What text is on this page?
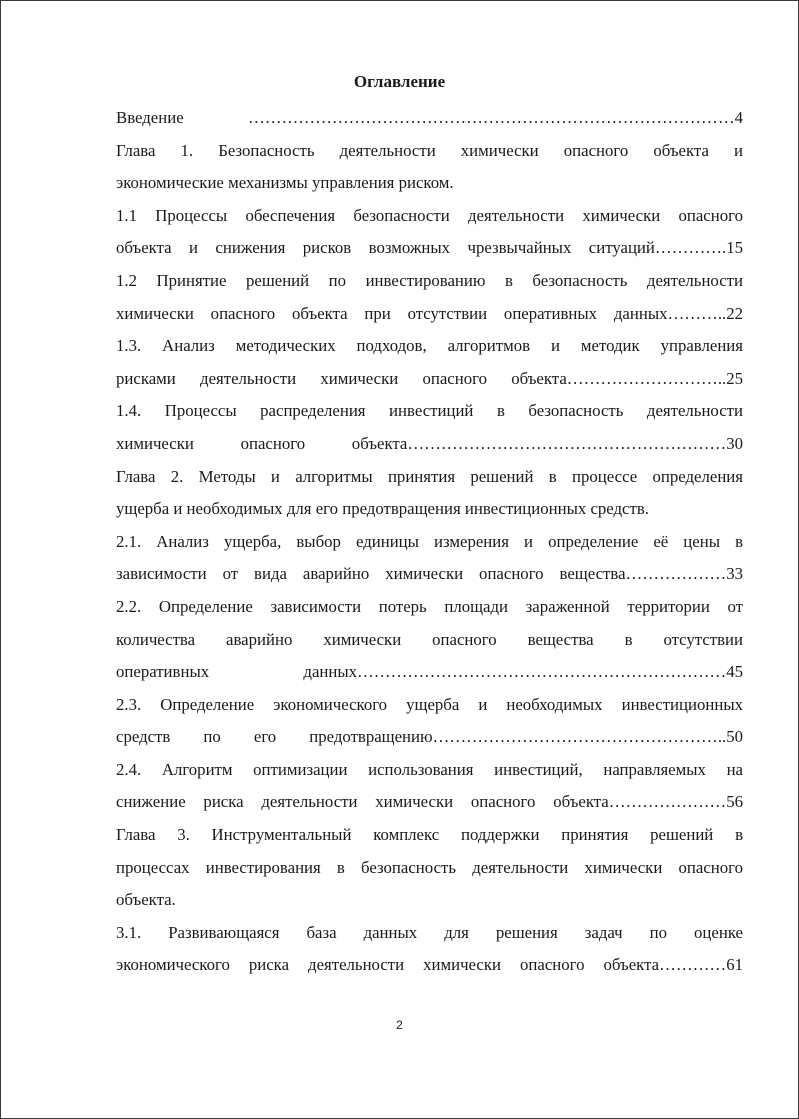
Оглавление
Введение ……………………………………………………………………………4
Глава 1. Безопасность деятельности химически опасного объекта и
экономические механизмы управления риском.
1.1 Процессы обеспечения безопасности деятельности химически опасного
объекта и снижения рисков возможных чрезвычайных ситуаций………….15
1.2 Принятие решений по инвестированию в безопасность деятельности
химически опасного объекта при отсутствии оперативных данных………..22
1.3. Анализ методических подходов, алгоритмов и методик управления
рисками деятельности химически опасного объекта………………………..25
1.4. Процессы распределения инвестиций в безопасность деятельности
химически опасного объекта…………………………………………………30
Глава 2. Методы и алгоритмы принятия решений в процессе определения
ущерба и необходимых для его предотвращения инвестиционных средств.
2.1. Анализ ущерба, выбор единицы измерения и определение её цены в
зависимости от вида аварийно химически опасного вещества………………33
2.2. Определение зависимости потерь площади зараженной территории от
количества аварийно химически опасного вещества в отсутствии
оперативных данных…………………………………………………………45
2.3. Определение экономического ущерба и необходимых инвестиционных
средств по его предотвращению……………………………………………..50
2.4. Алгоритм оптимизации использования инвестиций, направляемых на
снижение риска деятельности химически опасного объекта…………………56
Глава 3. Инструментальный комплекс поддержки принятия решений в
процессах инвестирования в безопасность деятельности химически опасного
объекта.
3.1. Развивающаяся база данных для решения задач по оценке
экономического риска деятельности химически опасного объекта…………61
2
